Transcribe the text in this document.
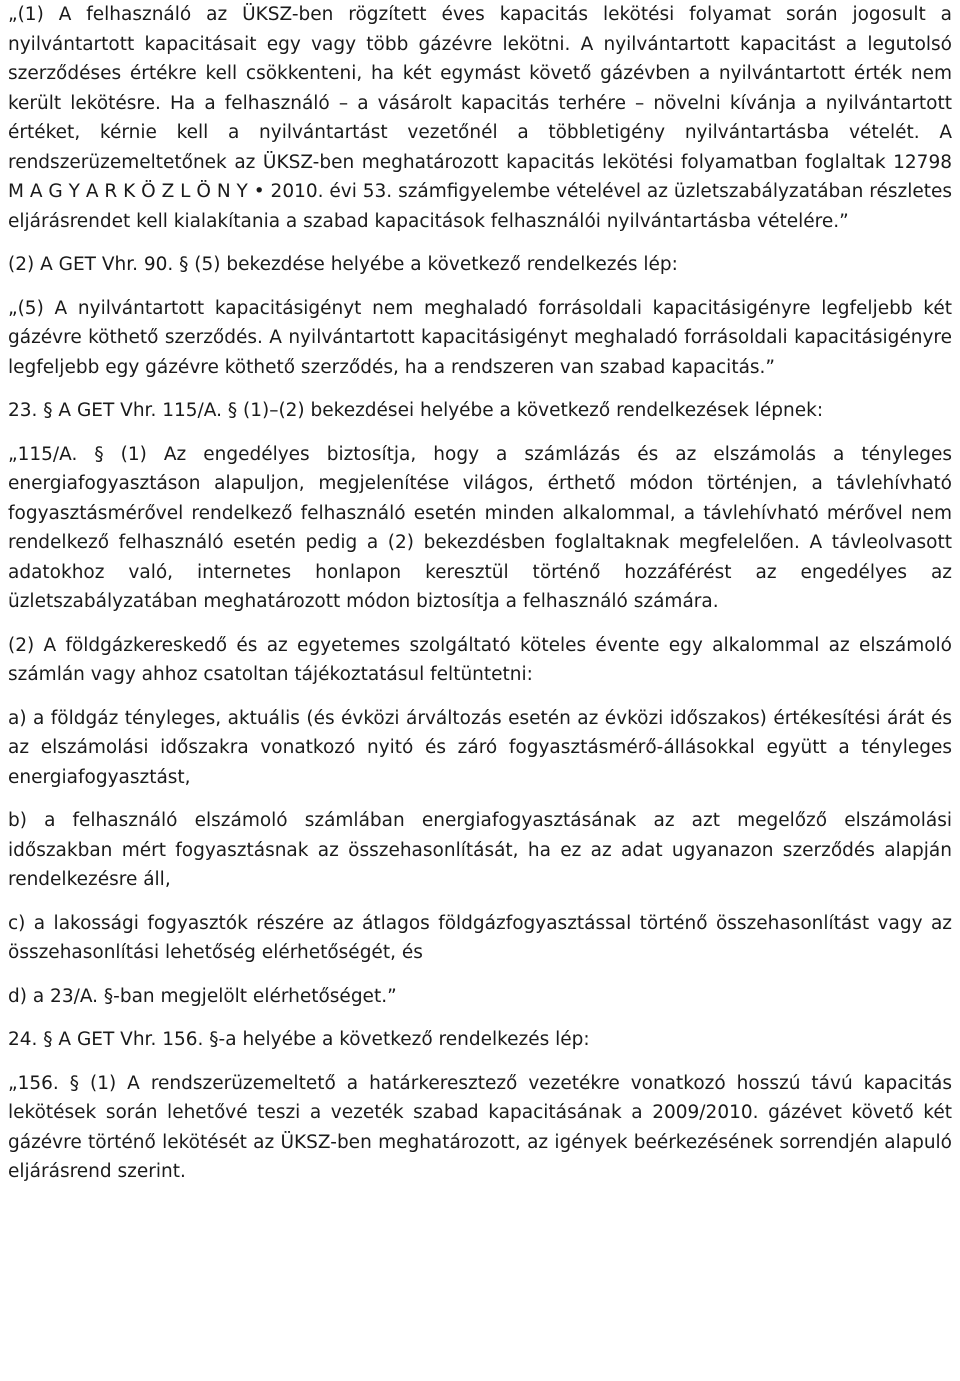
„(1) A felhasználó az ÜKSZ-ben rögzített éves kapacitás lekötési folyamat során jogosult a nyilvántartott kapacitásait egy vagy több gázévre lekötni. A nyilvántartott kapacitást a legutolsó szerződéses értékre kell csökkenteni, ha két egymást követő gázévben a nyilvántartott érték nem került lekötésre. Ha a felhasználó – a vásárolt kapacitás terhére – növelni kívánja a nyilvántartott értéket, kérnie kell a nyilvántartást vezetőnél a többletigény nyilvántartásba vételét. A rendszerüzemeltetőnek az ÜKSZ-ben meghatározott kapacitás lekötési folyamatban foglaltak 12798 M A G Y A R K Ö Z L Ö N Y • 2010. évi 53. számfigyelembe vételével az üzletszabályzatában részletes eljárásrendet kell kialakítania a szabad kapacitások felhasználói nyilvántartásba vételére.”

(2) A GET Vhr. 90. § (5) bekezdése helyébe a következő rendelkezés lép:

„(5) A nyilvántartott kapacitásigényt nem meghaladó forrásoldali kapacitásigényre legfeljebb két gázévre köthető szerződés. A nyilvántartott kapacitásigényt meghaladó forrásoldali kapacitásigényre legfeljebb egy gázévre köthető szerződés, ha a rendszeren van szabad kapacitás.”

23. § A GET Vhr. 115/A. § (1)–(2) bekezdései helyébe a következő rendelkezések lépnek:

„115/A. § (1) Az engedélyes biztosítja, hogy a számlázás és az elszámolás a tényleges energiafogyasztáson alapuljon, megjelenítése világos, érthető módon történjen, a távlehívható fogyasztásmérővel rendelkező felhasználó esetén minden alkalommal, a távlehívható mérővel nem rendelkező felhasználó esetén pedig a (2) bekezdésben foglaltaknak megfelelően. A távleolvasott adatokhoz való, internetes honlapon keresztül történő hozzáférést az engedélyes az üzletszabályzatában meghatározott módon biztosítja a felhasználó számára.

(2) A földgázkereskedő és az egyetemes szolgáltató köteles évente egy alkalommal az elszámoló számlán vagy ahhoz csatoltan tájékoztatásul feltüntetni:

a) a földgáz tényleges, aktuális (és évközi árváltozás esetén az évközi időszakos) értékesítési árát és az elszámolási időszakra vonatkozó nyitó és záró fogyasztásmérő-állásokkal együtt a tényleges energiafogyasztást,

b) a felhasználó elszámoló számlában energiafogyasztásának az azt megelőző elszámolási időszakban mért fogyasztásnak az összehasonlítását, ha ez az adat ugyanazon szerződés alapján rendelkezésre áll,

c) a lakossági fogyasztók részére az átlagos földgázfogyasztással történő összehasonlítást vagy az összehasonlítási lehetőség elérhetőségét, és

d) a 23/A. §-ban megjelölt elérhetőséget.”

24. § A GET Vhr. 156. §-a helyébe a következő rendelkezés lép:

„156. § (1) A rendszerüzemeltető a határkeresztező vezetékre vonatkozó hosszú távú kapacitás lekötések során lehetővé teszi a vezeték szabad kapacitásának a 2009/2010. gázévet követő két gázévre történő lekötését az ÜKSZ-ben meghatározott, az igények beérkezésének sorrendjén alapuló eljárásrend szerint.
